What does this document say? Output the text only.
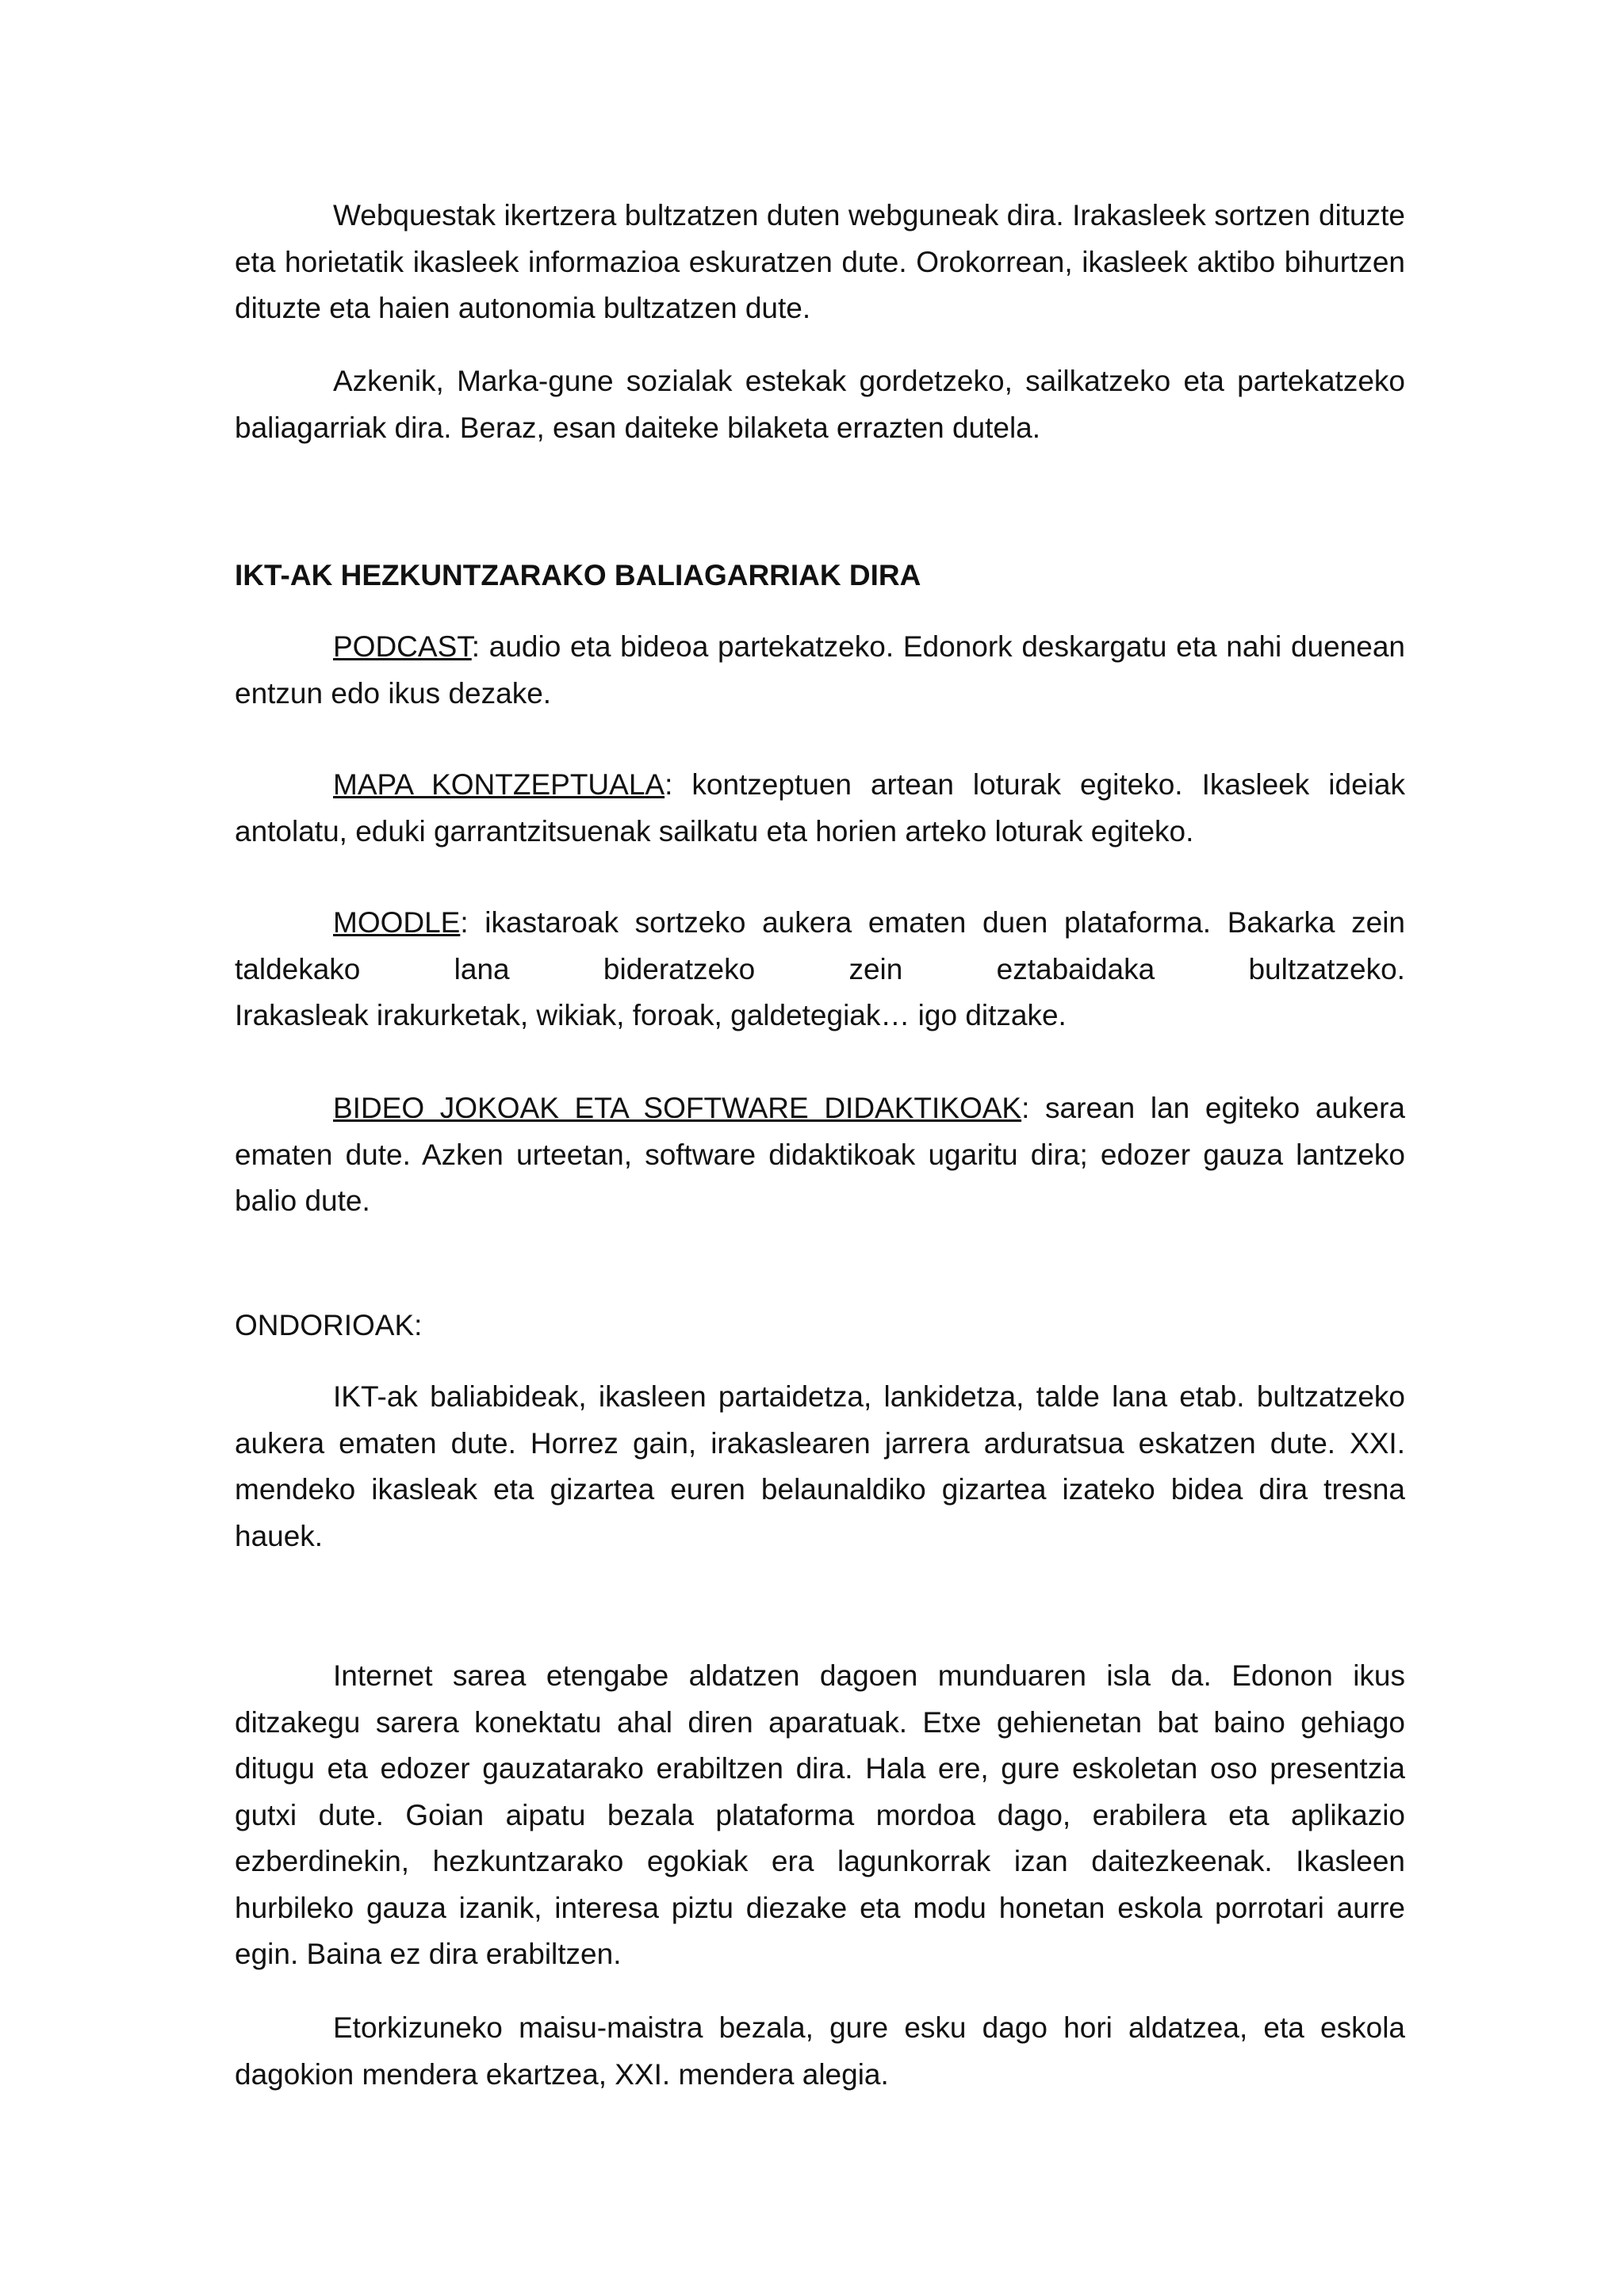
Webquestak ikertzera bultzatzen duten webguneak dira. Irakasleek sortzen dituzte eta horietatik ikasleek informazioa eskuratzen dute. Orokorrean, ikasleek aktibo bihurtzen dituzte eta haien autonomia bultzatzen dute.

Azkenik, Marka-gune sozialak estekak gordetzeko, sailkatzeko eta partekatzeko baliagarriak dira. Beraz, esan daiteke bilaketa errazten dutela.

IKT-AK HEZKUNTZARAKO BALIAGARRIAK DIRA

PODCAST: audio eta bideoa partekatzeko. Edonork deskargatu eta nahi duenean entzun edo ikus dezake.

MAPA KONTZEPTUALA: kontzeptuen artean loturak egiteko. Ikasleek ideiak antolatu, eduki garrantzitsuenak sailkatu eta horien arteko loturak egiteko.

MOODLE: ikastaroak sortzeko aukera ematen duen plataforma. Bakarka zein
taldekako	lana	bideratzeko	zein	eztabaidaka	bultzatzeko.
Irakasleak irakurketak, wikiak, foroak, galdetegiak… igo ditzake.

BIDEO JOKOAK ETA SOFTWARE DIDAKTIKOAK: sarean lan egiteko aukera ematen dute. Azken urteetan, software didaktikoak ugaritu dira; edozer gauza lantzeko balio dute.

ONDORIOAK:

IKT-ak baliabideak, ikasleen partaidetza, lankidetza, talde lana etab. bultzatzeko aukera ematen dute. Horrez gain, irakaslearen jarrera arduratsua eskatzen dute. XXI. mendeko ikasleak eta gizartea euren belaunaldiko gizartea izateko bidea dira tresna hauek.

Internet sarea etengabe aldatzen dagoen munduaren isla da. Edonon ikus ditzakegu sarera konektatu ahal diren aparatuak. Etxe gehienetan bat baino gehiago ditugu eta edozer gauzatarako erabiltzen dira. Hala ere, gure eskoletan oso presentzia gutxi dute. Goian aipatu bezala plataforma mordoa dago, erabilera eta aplikazio ezberdinekin, hezkuntzarako egokiak era lagunkorrak izan daitezkeenak. Ikasleen hurbileko gauza izanik, interesa piztu diezake eta modu honetan eskola porrotari aurre egin. Baina ez dira erabiltzen.

Etorkizuneko maisu-maistra bezala, gure esku dago hori aldatzea, eta eskola dagokion mendera ekartzea, XXI. mendera alegia.
